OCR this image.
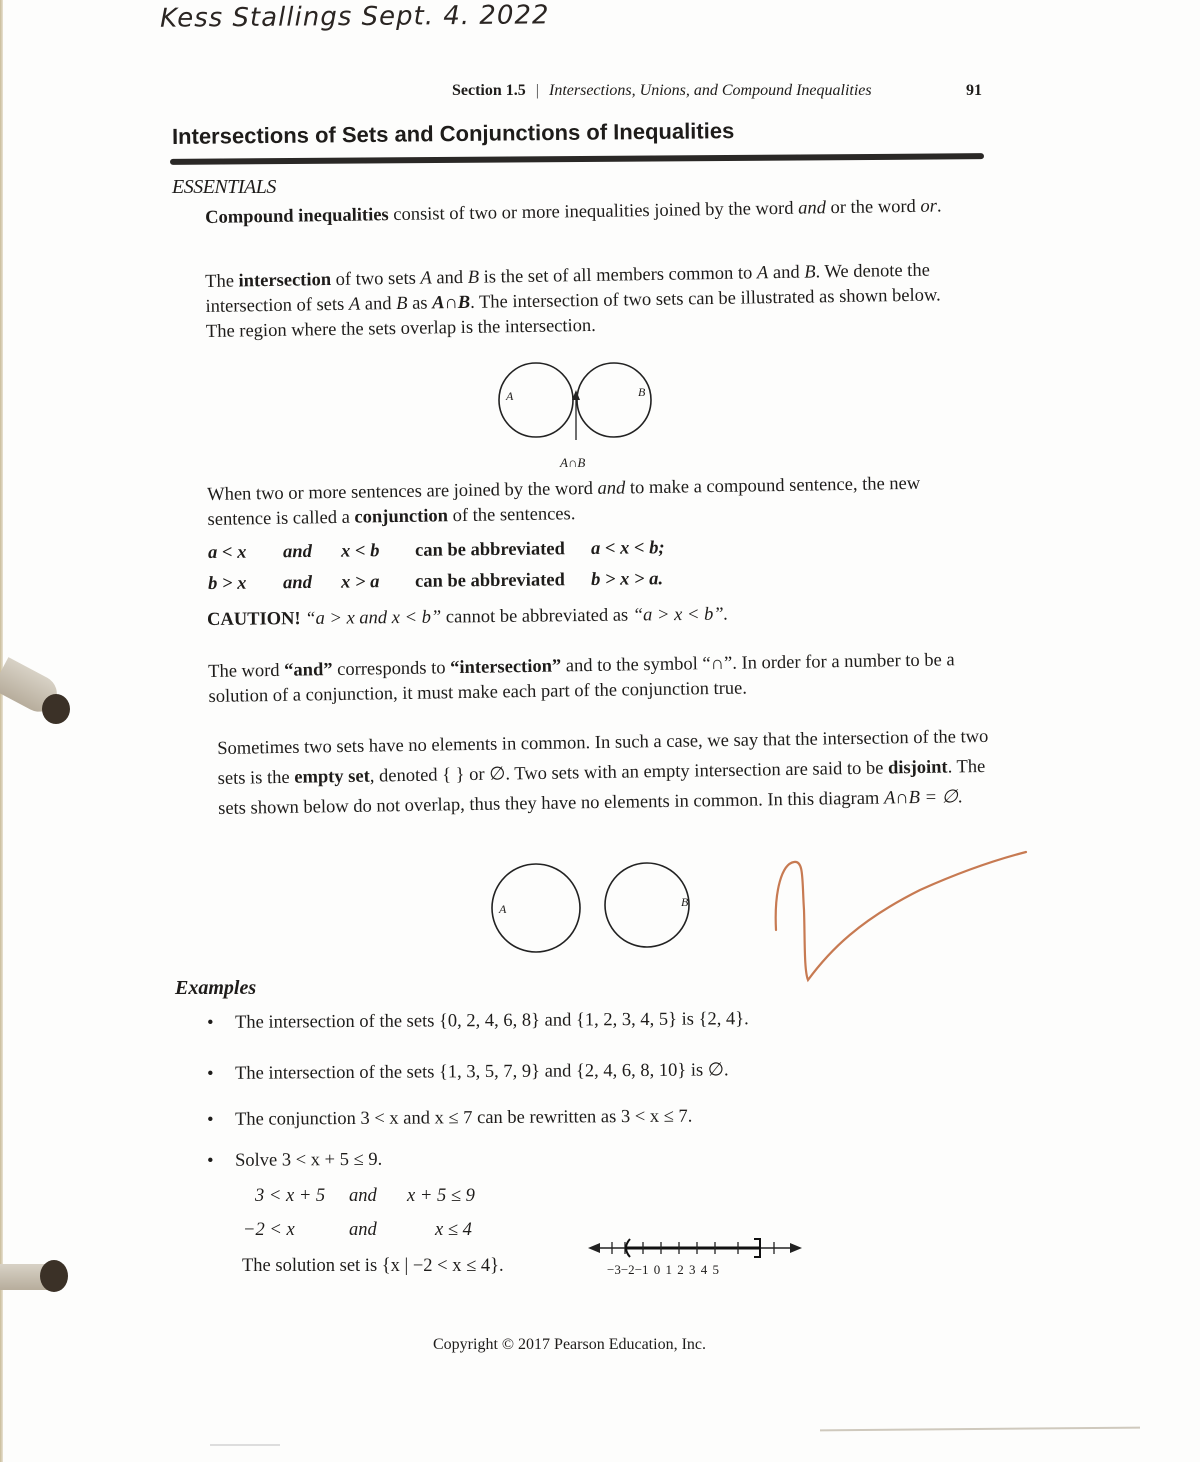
Kess Stallings Sept. 4. 2022
Section 1.5 | Intersections, Unions, and Compound Inequalities	91
Intersections of Sets and Conjunctions of Inequalities
ESSENTIALS
Compound inequalities consist of two or more inequalities joined by the word and or the word or.
The intersection of two sets A and B is the set of all members common to A and B. We denote the intersection of sets A and B as A∩B. The intersection of two sets can be illustrated as shown below. The region where the sets overlap is the intersection.
A	B
A∩B
When two or more sentences are joined by the word and to make a compound sentence, the new sentence is called a conjunction of the sentences.
a < x and x < b can be abbreviated a < x < b;
b > x and x > a can be abbreviated b > x > a.
CAUTION! “a > x and x < b” cannot be abbreviated as “a > x < b”.
The word “and” corresponds to “intersection” and to the symbol “∩”. In order for a number to be a solution of a conjunction, it must make each part of the conjunction true.
Sometimes two sets have no elements in common. In such a case, we say that the intersection of the two sets is the empty set, denoted { } or ∅. Two sets with an empty intersection are said to be disjoint. The sets shown below do not overlap, thus they have no elements in common. In this diagram A∩B = ∅.
A	B
Examples
• The intersection of the sets {0, 2, 4, 6, 8} and {1, 2, 3, 4, 5} is {2, 4}.
• The intersection of the sets {1, 3, 5, 7, 9} and {2, 4, 6, 8, 10} is ∅.
• The conjunction 3 < x and x ≤ 7 can be rewritten as 3 < x ≤ 7.
• Solve 3 < x + 5 ≤ 9.
3 < x + 5 and x + 5 ≤ 9
−2 < x	and	x ≤ 4
The solution set is {x | −2 < x ≤ 4}.	−3−2−1 0 1 2 3 4 5
Copyright © 2017 Pearson Education, Inc.
